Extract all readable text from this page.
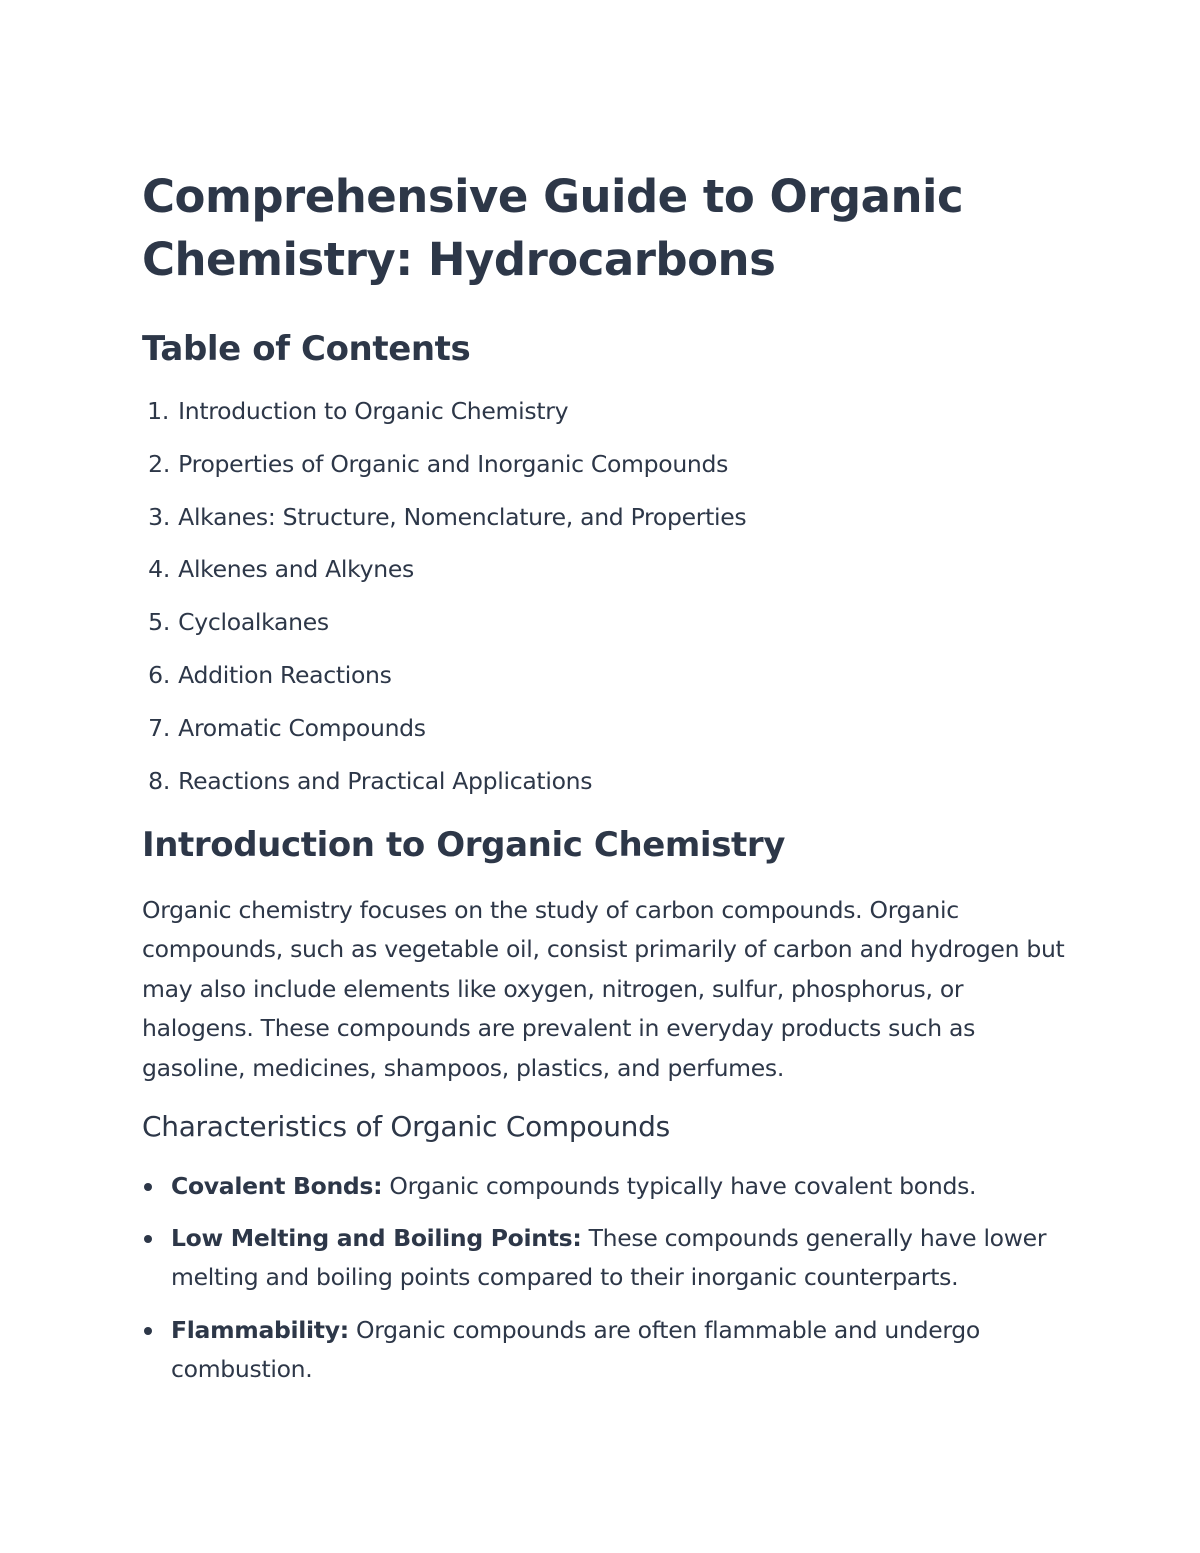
Comprehensive Guide to Organic
Chemistry: Hydrocarbons
Table of Contents
1. Introduction to Organic Chemistry
2. Properties of Organic and Inorganic Compounds
3. Alkanes: Structure, Nomenclature, and Properties
4. Alkenes and Alkynes
5. Cycloalkanes
6. Addition Reactions
7. Aromatic Compounds
8. Reactions and Practical Applications
Introduction to Organic Chemistry

Organic chemistry focuses on the study of carbon compounds. Organic compounds, such as vegetable oil, consist primarily of carbon and hydrogen but may also include elements like oxygen, nitrogen, sulfur, phosphorus, or halogens. These compounds are prevalent in everyday products such as gasoline, medicines, shampoos, plastics, and perfumes.

Characteristics of Organic Compounds
Covalent Bonds: Organic compounds typically have covalent bonds.
Low Melting and Boiling Points: These compounds generally have lower melting and boiling points compared to their inorganic counterparts.
Flammability: Organic compounds are often flammable and undergo combustion.
